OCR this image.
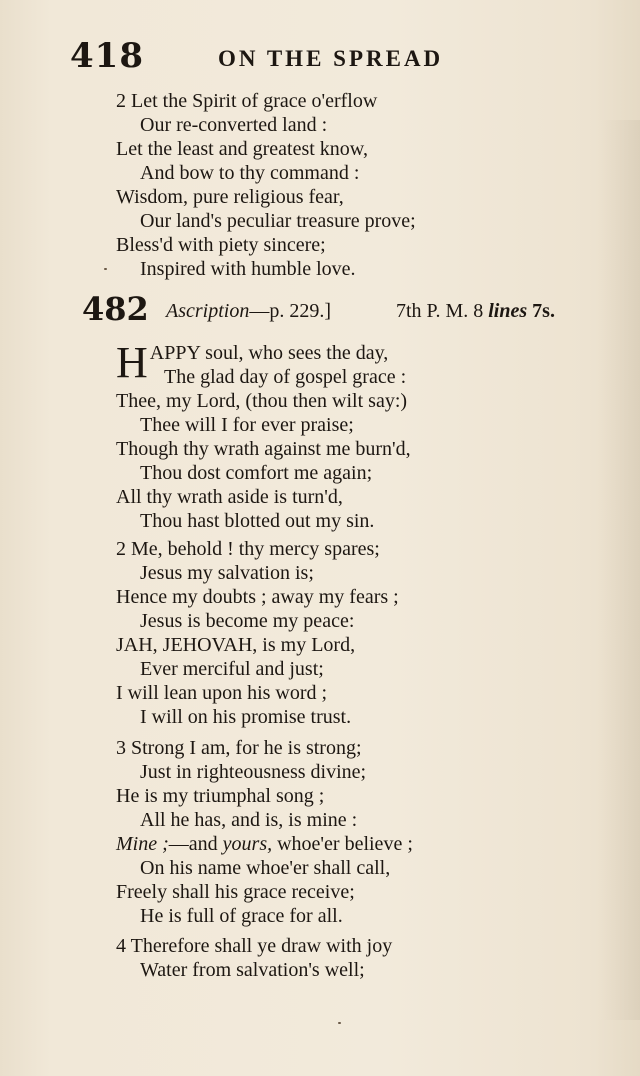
418	ON THE SPREAD
2 Let the Spirit of grace o'erflow
Our re-converted land :
Let the least and greatest know,
And bow to thy command :
Wisdom, pure religious fear,
Our land's peculiar treasure prove;
Bless'd with piety sincere;
Inspired with humble love.
482 Ascription—p. 229.]	7th P. M. 8 lines 7s.
HAPPY soul, who sees the day,
The glad day of gospel grace :
Thee, my Lord, (thou then wilt say:)
Thee will I for ever praise;
Though thy wrath against me burn'd,
Thou dost comfort me again;
All thy wrath aside is turn'd,
Thou hast blotted out my sin.
2 Me, behold ! thy mercy spares;
Jesus my salvation is;
Hence my doubts ; away my fears ;
Jesus is become my peace:
JAH, JEHOVAH, is my Lord,
Ever merciful and just;
I will lean upon his word ;
I will on his promise trust.
3 Strong I am, for he is strong;
Just in righteousness divine;
He is my triumphal song ;
All he has, and is, is mine :
Mine ;—and yours, whoe'er believe ;
On his name whoe'er shall call,
Freely shall his grace receive;
He is full of grace for all.
4 Therefore shall ye draw with joy
Water from salvation's well;
